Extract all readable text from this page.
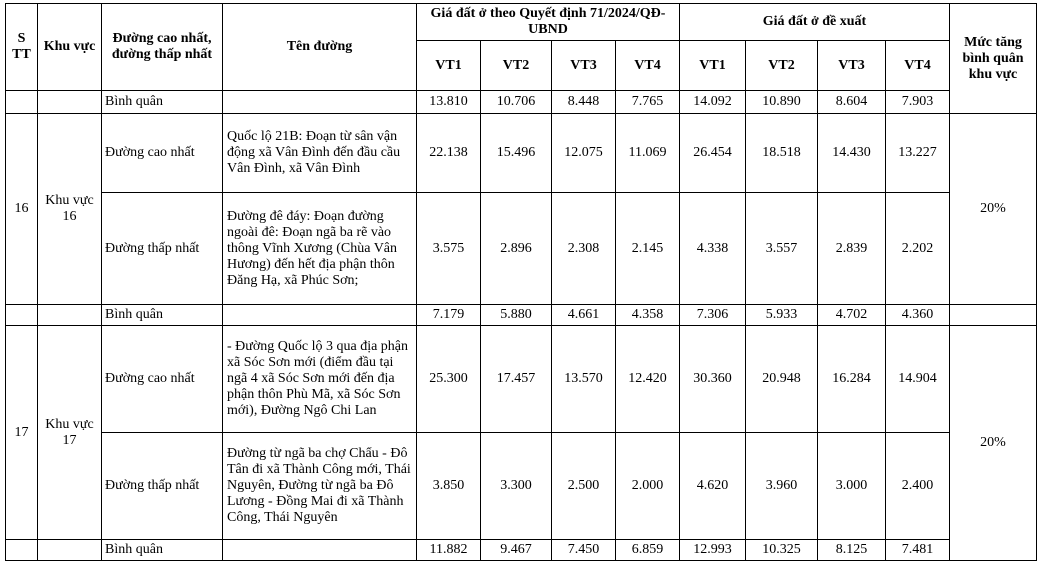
S TT	Khu vực	Đường cao nhất, đường thấp nhất	Tên đường	Giá đất ở theo Quyết định 71/2024/QĐ-UBND				Giá đất ở đề xuất				Mức tăng bình quân khu vực
				VT1	VT2	VT3	VT4	VT1	VT2	VT3	VT4	
		Bình quân		13.810	10.706	8.448	7.765	14.092	10.890	8.604	7.903	
16	Khu vực 16	Đường cao nhất	Quốc lộ 21B: Đoạn từ sân vận động xã Vân Đình đến đầu cầu Vân Đình, xã Vân Đình	22.138	15.496	12.075	11.069	26.454	18.518	14.430	13.227	20%
		Đường thấp nhất	Đường đê đáy: Đoạn đường ngoài đê: Đoạn ngã ba rẽ vào thông Vĩnh Xương (Chùa Vân Hương) đến hết địa phận thôn Đăng Hạ, xã Phúc Sơn;	3.575	2.896	2.308	2.145	4.338	3.557	2.839	2.202	
		Bình quân		7.179	5.880	4.661	4.358	7.306	5.933	4.702	4.360	
17	Khu vực 17	Đường cao nhất	- Đường Quốc lộ 3 qua địa phận xã Sóc Sơn mới (điểm đầu tại ngã 4 xã Sóc Sơn mới đến địa phận thôn Phù Mã, xã Sóc Sơn mới), Đường Ngô Chi Lan	25.300	17.457	13.570	12.420	30.360	20.948	16.284	14.904	20%
		Đường thấp nhất	Đường từ ngã ba chợ Chẩu - Đô Tân đi xã Thành Công mới, Thái Nguyên, Đường từ ngã ba Đô Lương - Đồng Mai đi xã Thành Công, Thái Nguyên	3.850	3.300	2.500	2.000	4.620	3.960	3.000	2.400	
		Bình quân		11.882	9.467	7.450	6.859	12.993	10.325	8.125	7.481	
